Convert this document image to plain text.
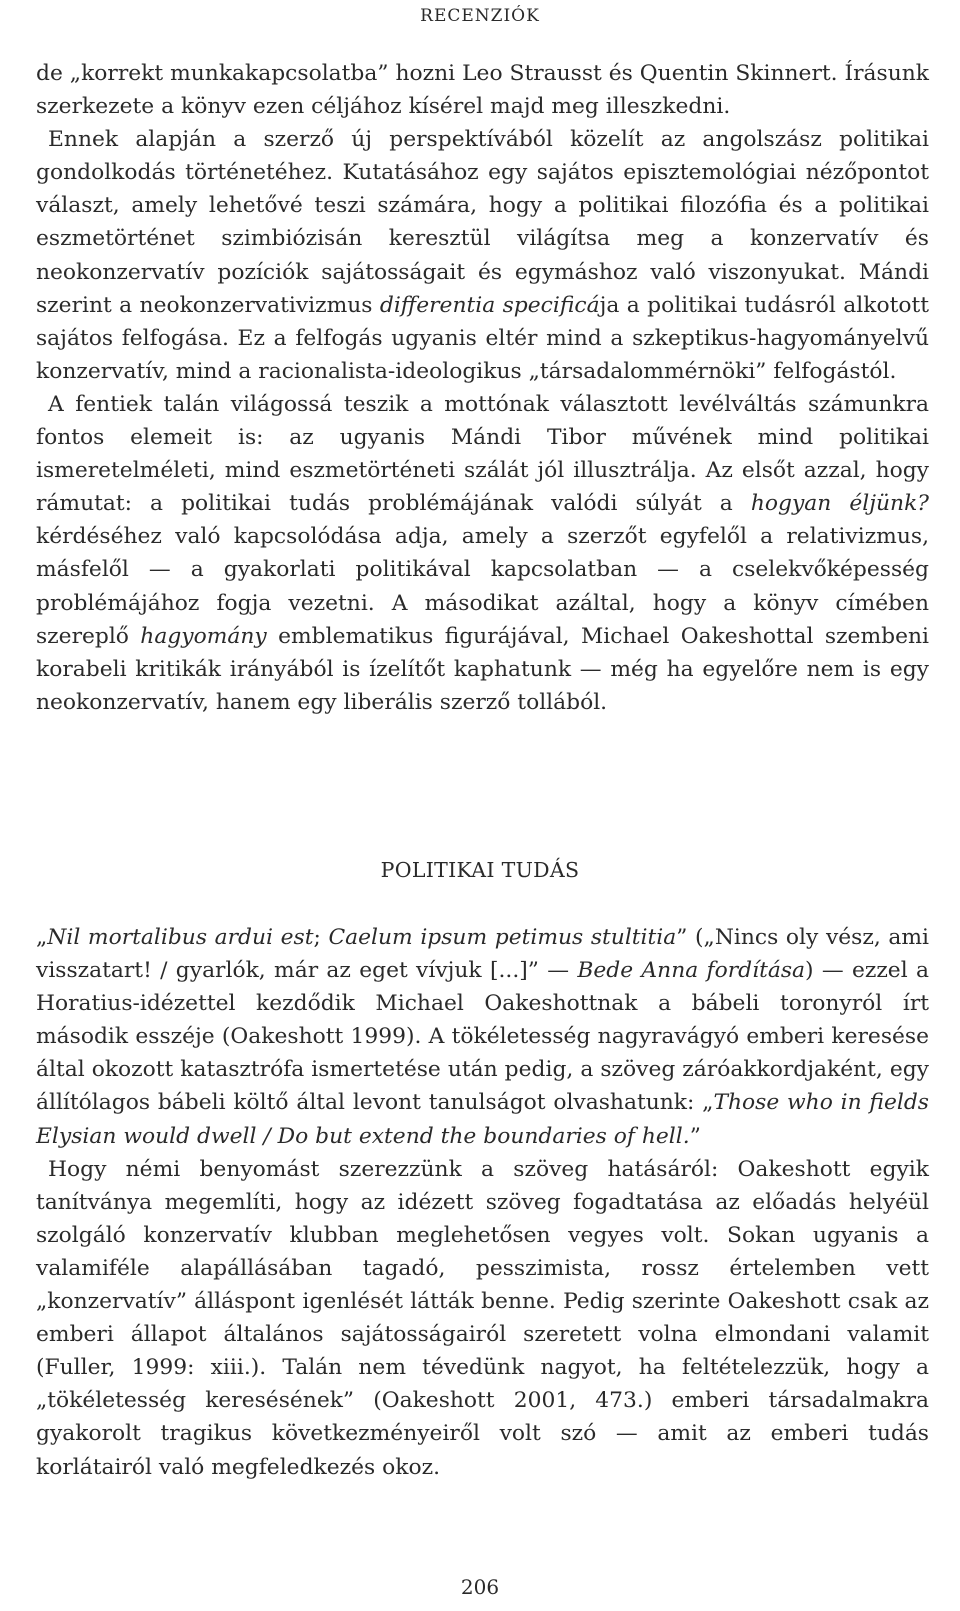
RECENZIÓK

de „korrekt munkakapcsolatba” hozni Leo Strausst és Quentin Skinnert. Írásunk szerkezete a könyv ezen céljához kísérel majd meg illeszkedni.

Ennek alapján a szerző új perspektívából közelít az angolszász politikai gondolkodás történetéhez. Kutatásához egy sajátos episztemológiai nézőpontot választ, amely lehetővé teszi számára, hogy a politikai filozófia és a politikai eszmetörténet szimbiózisán keresztül világítsa meg a konzervatív és neokonzervatív pozíciók sajátosságait és egymáshoz való viszonyukat. Mándi szerint a neokonzervativizmus differentia specificája a politikai tudásról alkotott sajátos felfogása. Ez a felfogás ugyanis eltér mind a szkeptikus-hagyományelvű konzervatív, mind a racionalista-ideologikus „társadalommérnöki” felfogástól.

A fentiek talán világossá teszik a mottónak választott levélváltás számunkra fontos elemeit is: az ugyanis Mándi Tibor művének mind politikai ismeretelméleti, mind eszmetörténeti szálát jól illusztrálja. Az elsőt azzal, hogy rámutat: a politikai tudás problémájának valódi súlyát a hogyan éljünk? kérdéséhez való kapcsolódása adja, amely a szerzőt egyfelől a relativizmus, másfelől — a gyakorlati politikával kapcsolatban — a cselekvőképesség problémájához fogja vezetni. A másodikat azáltal, hogy a könyv címében szereplő hagyomány emblematikus figurájával, Michael Oakeshottal szembeni korabeli kritikák irányából is ízelítőt kaphatunk — még ha egyelőre nem is egy neokonzervatív, hanem egy liberális szerző tollából.

POLITIKAI TUDÁS

„Nil mortalibus ardui est; Caelum ipsum petimus stultitia” („Nincs oly vész, ami visszatart! / gyarlók, már az eget vívjuk [...]” — Bede Anna fordítása) — ezzel a Horatius-idézettel kezdődik Michael Oakeshottnak a bábeli toronyról írt második esszéje (Oakeshott 1999). A tökéletesség nagyravágyó emberi keresése által okozott katasztrófa ismertetése után pedig, a szöveg záróakkordjaként, egy állítólagos bábeli költő által levont tanulságot olvashatunk: „Those who in fields Elysian would dwell / Do but extend the boundaries of hell.”

Hogy némi benyomást szerezzünk a szöveg hatásáról: Oakeshott egyik tanítványa megemlíti, hogy az idézett szöveg fogadtatása az előadás helyéül szolgáló konzervatív klubban meglehetősen vegyes volt. Sokan ugyanis a valamiféle alapállásában tagadó, pesszimista, rossz értelemben vett „konzervatív” álláspont igenlését látták benne. Pedig szerinte Oakeshott csak az emberi állapot általános sajátosságairól szeretett volna elmondani valamit (Fuller, 1999: xiii.). Talán nem tévedünk nagyot, ha feltételezzük, hogy a „tökéletesség keresésének” (Oakeshott 2001, 473.) emberi társadalmakra gyakorolt tragikus következményeiről volt szó — amit az emberi tudás korlátairól való megfeledkezés okoz.

206
